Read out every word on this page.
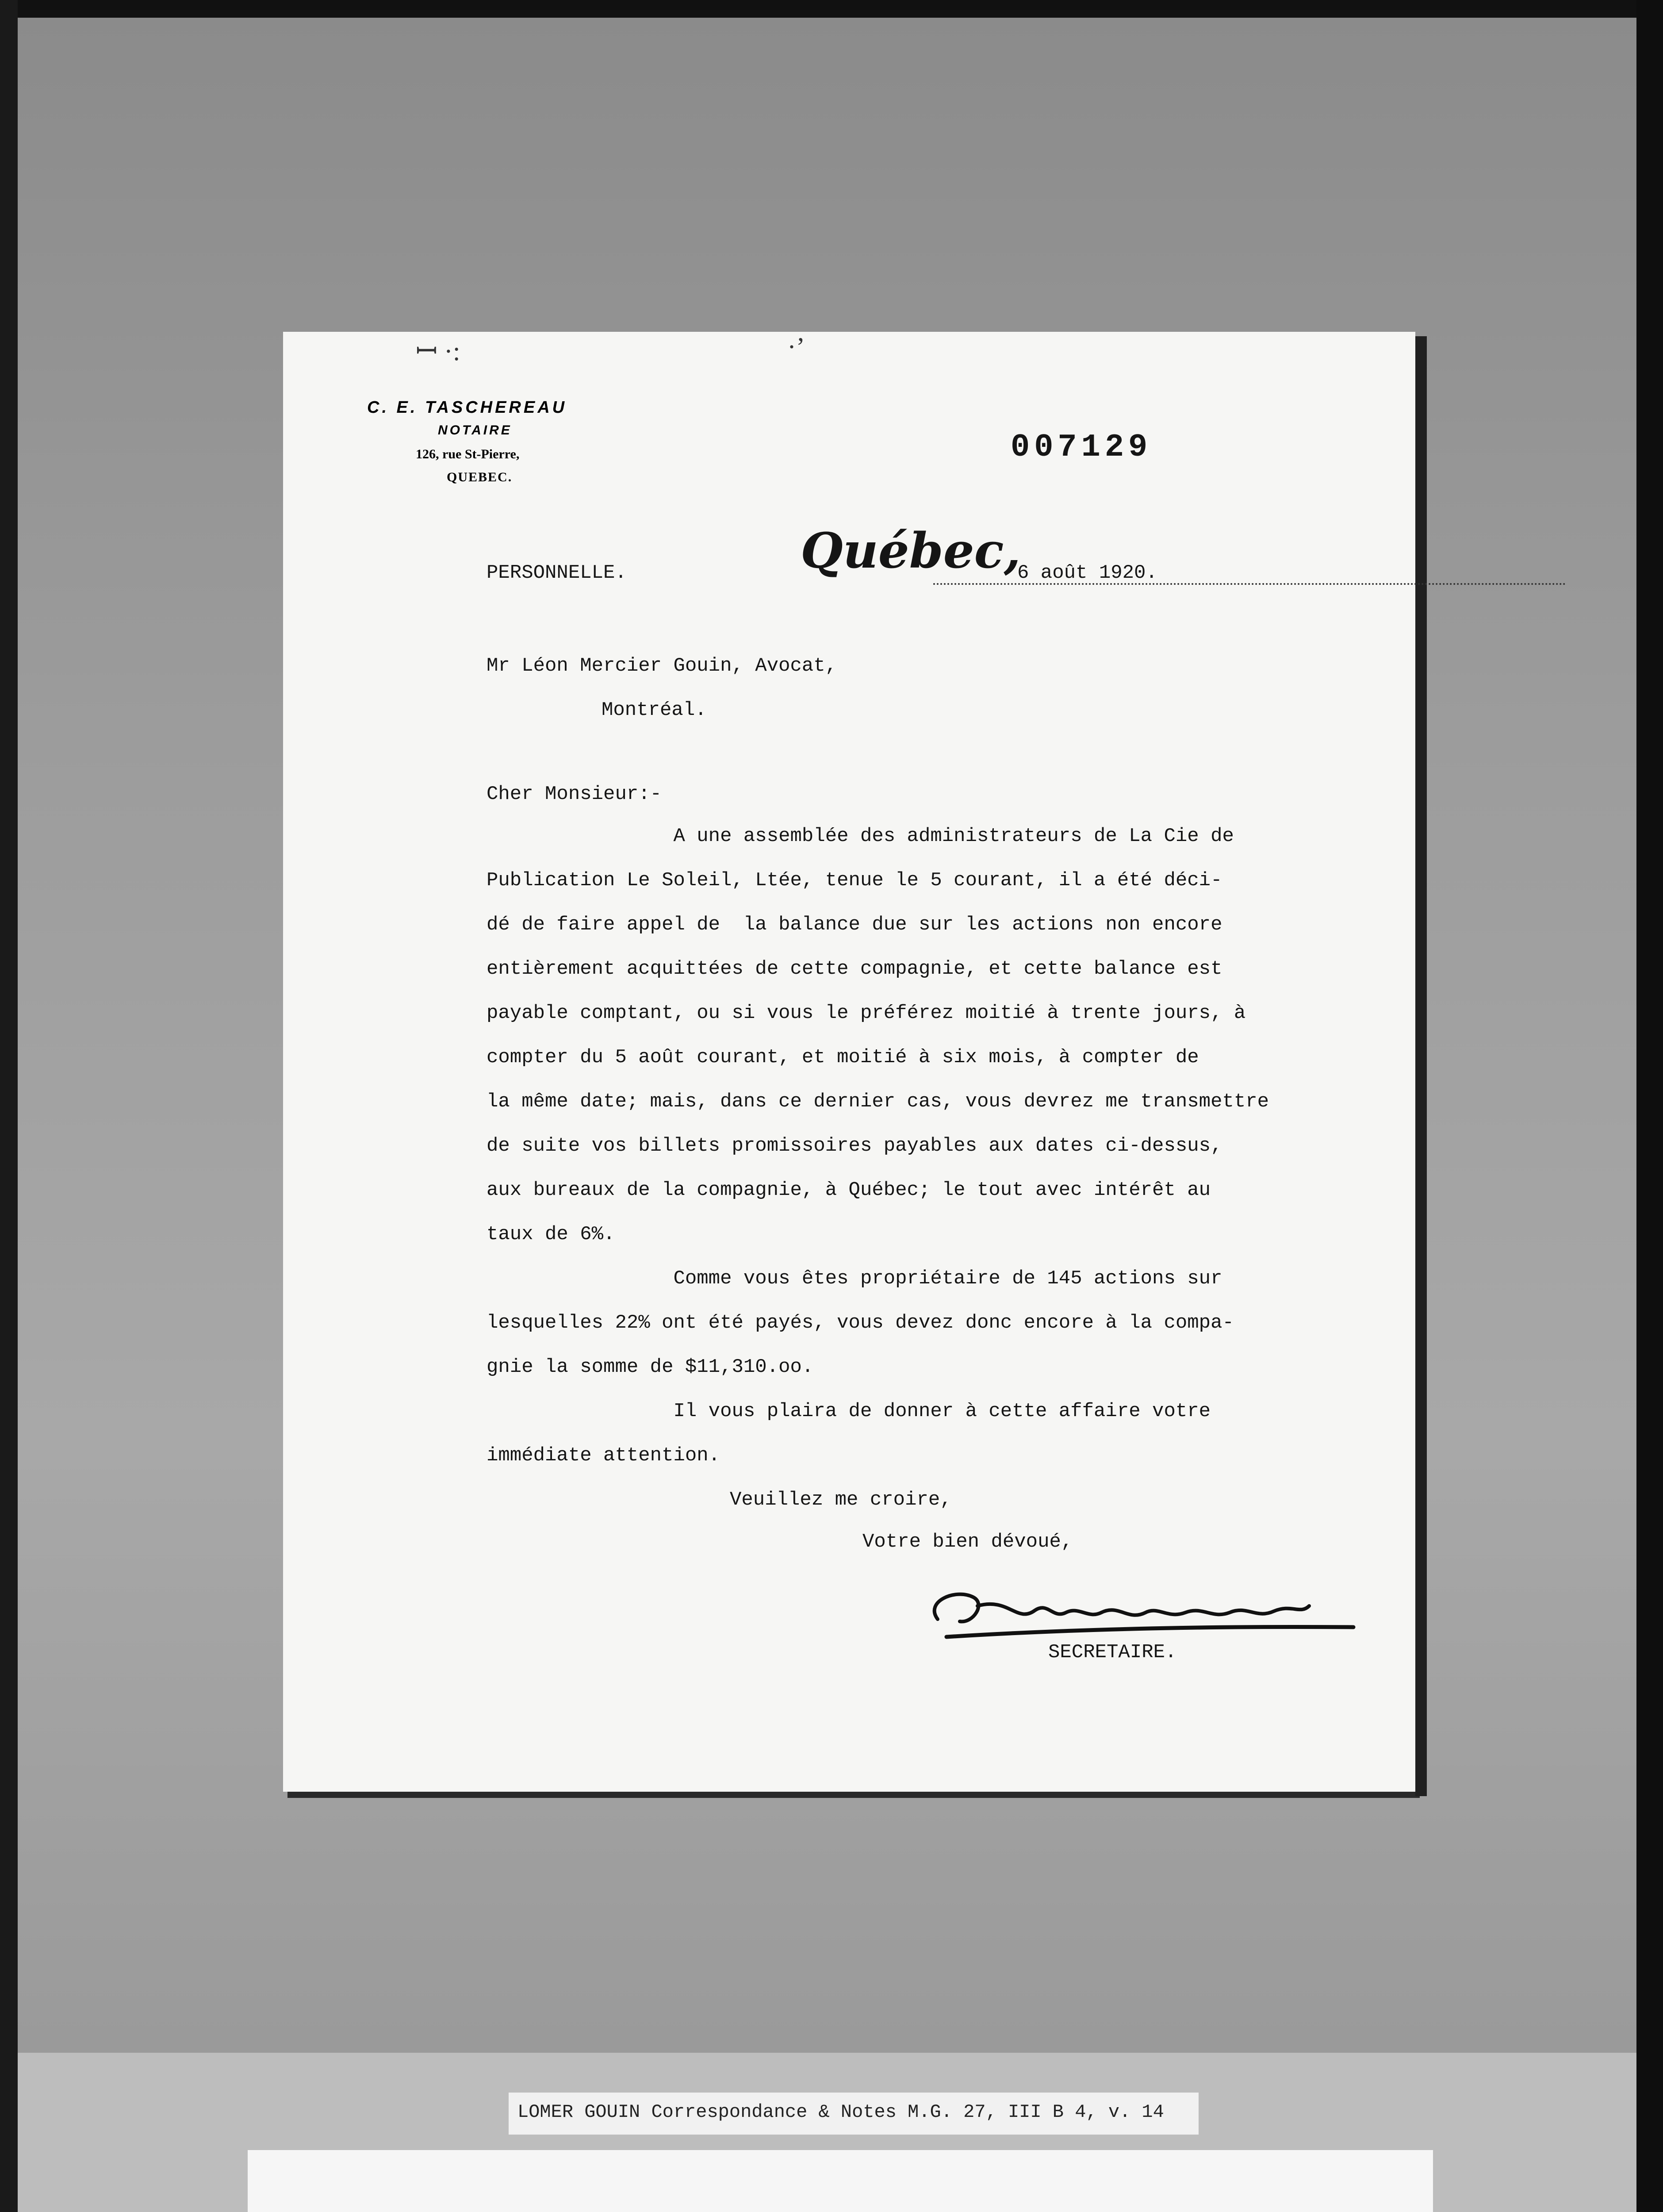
ꟷ ·:	·ʼ
C. E. TASCHEREAU
NOTAIRE
126, rue St-Pierre,
QUEBEC.
007129
PERSONNELLE.	Québec,
6 août 1920.
Mr Léon Mercier Gouin, Avocat,
Montréal.
Cher Monsieur:-
A une assemblée des administrateurs de La Cie de
Publication Le Soleil, Ltée, tenue le 5 courant, il a été déci-
dé de faire appel de  la balance due sur les actions non encore
entièrement acquittées de cette compagnie, et cette balance est
payable comptant, ou si vous le préférez moitié à trente jours, à
compter du 5 août courant, et moitié à six mois, à compter de
la même date; mais, dans ce dernier cas, vous devrez me transmettre
de suite vos billets promissoires payables aux dates ci-dessus,
aux bureaux de la compagnie, à Québec; le tout avec intérêt au
taux de 6%.
Comme vous êtes propriétaire de 145 actions sur
lesquelles 22% ont été payés, vous devez donc encore à la compa-
gnie la somme de $11,310.oo.
Il vous plaira de donner à cette affaire votre
immédiate attention.
Veuillez me croire,
Votre bien dévoué,
SECRETAIRE.
LOMER GOUIN Correspondance & Notes M.G. 27, III B 4, v. 14
